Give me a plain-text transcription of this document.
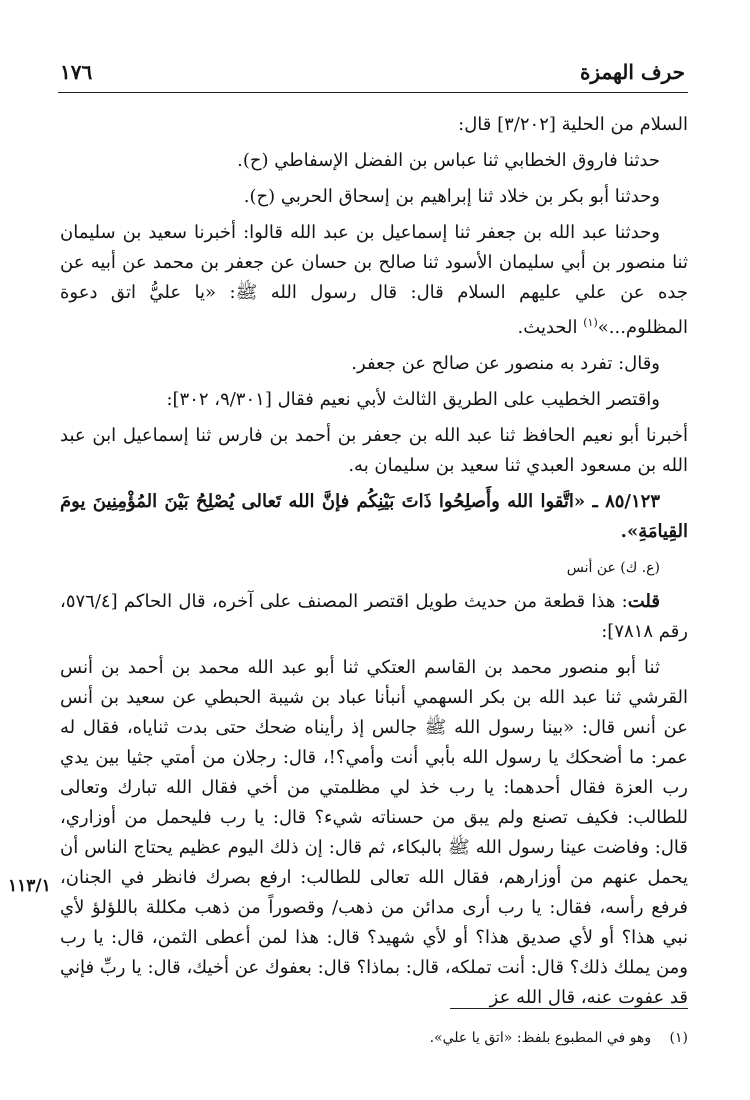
١٧٦	حرف الهمزة
١١٣/١

السلام من الحلية [٣/٢٠٢] قال:

حدثنا فاروق الخطابي ثنا عباس بن الفضل الإسفاطي (ح).

وحدثنا أبو بكر بن خلاد ثنا إبراهيم بن إسحاق الحربي (ح).

وحدثنا عبد الله بن جعفر ثنا إسماعيل بن عبد الله قالوا: أخبرنا سعيد بن سليمان ثنا منصور بن أبي سليمان الأسود ثنا صالح بن حسان عن جعفر بن محمد عن أبيه عن جده عن علي عليهم السلام قال: قال رسول الله ﷺ: «يا عليُّ اتق دعوة المظلوم...»$^{(١)}$ الحديث.

وقال: تفرد به منصور عن صالح عن جعفر.

واقتصر الخطيب على الطريق الثالث لأبي نعيم فقال [٩/٣٠١، ٣٠٢]:

أخبرنا أبو نعيم الحافظ ثنا عبد الله بن جعفر بن أحمد بن فارس ثنا إسماعيل ابن عبد الله بن مسعود العبدي ثنا سعيد بن سليمان به.

٨٥/١٢٣ ـ «اتَّقوا الله وأَصلِحُوا ذَاتَ بَيْنِكُم فإنَّ الله تَعالى يُصْلِحُ بَيْنَ المُؤْمِنِينَ يومَ القِيامَةِ».

(ع. ك) عن أنس

قلت: هذا قطعة من حديث طويل اقتصر المصنف على آخره، قال الحاكم [٥٧٦/٤، رقم ٧٨١٨]:

ثنا أبو منصور محمد بن القاسم العتكي ثنا أبو عبد الله محمد بن أحمد بن أنس القرشي ثنا عبد الله بن بكر السهمي أنبأنا عباد بن شيبة الحبطي عن سعيد بن أنس عن أنس قال: «بينا رسول الله ﷺ جالس إذ رأيناه ضحك حتى بدت ثناياه، فقال له عمر: ما أضحكك يا رسول الله بأبي أنت وأمي؟!، قال: رجلان من أمتي جثيا بين يدي رب العزة فقال أحدهما: يا رب خذ لي مظلمتي من أخي فقال الله تبارك وتعالى للطالب: فكيف تصنع ولم يبق من حسناته شيء؟ قال: يا رب فليحمل من أوزاري، قال: وفاضت عينا رسول الله ﷺ بالبكاء، ثم قال: إن ذلك اليوم عظيم يحتاج الناس أن يحمل عنهم من أوزارهم، فقال الله تعالى للطالب: ارفع بصرك فانظر في الجنان، فرفع رأسه، فقال: يا رب أرى مدائن من ذهب/ وقصوراً من ذهب مكللة باللؤلؤ لأي نبي هذا؟ أو لأي صديق هذا؟ أو لأي شهيد؟ قال: هذا لمن أعطى الثمن، قال: يا رب ومن يملك ذلك؟ قال: أنت تملكه، قال: بماذا؟ قال: بعفوك عن أخيك، قال: يا ربِّ فإني قد عفوت عنه، قال الله عز

(١) وهو في المطبوع بلفظ: «اتق يا علي».
